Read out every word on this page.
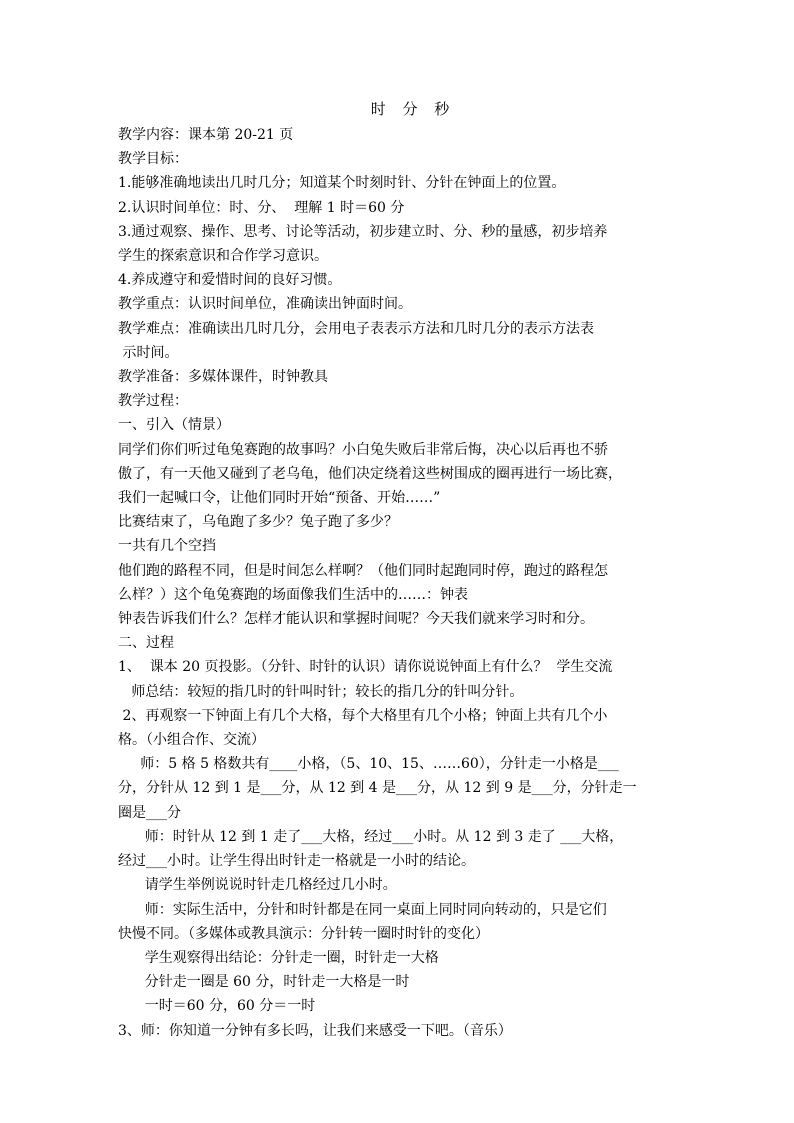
时 分 秒

教学内容：课本第 20-21 页

教学目标：

1.能够准确地读出几时几分；知道某个时刻时针、分针在钟面上的位置。

2.认识时间单位：时、分、  理解 1 时＝60 分

3.通过观察、操作、思考、讨论等活动，初步建立时、分、秒的量感，初步培养

学生的探索意识和合作学习意识。

4.养成遵守和爱惜时间的良好习惯。

教学重点：认识时间单位，准确读出钟面时间。

教学难点：准确读出几时几分，会用电子表表示方法和几时几分的表示方法表

示时间。

教学准备：多媒体课件，时钟教具

教学过程：

一、引入（情景）

同学们你们听过龟兔赛跑的故事吗？小白兔失败后非常后悔，决心以后再也不骄

傲了，有一天他又碰到了老乌龟，他们决定绕着这些树围成的圈再进行一场比赛，

我们一起喊口令，让他们同时开始“预备、开始……”

比赛结束了，乌龟跑了多少？兔子跑了多少？

一共有几个空挡

他们跑的路程不同，但是时间怎么样啊？（他们同时起跑同时停，跑过的路程怎

么样？）这个龟兔赛跑的场面像我们生活中的……：钟表

钟表告诉我们什么？怎样才能认识和掌握时间呢？今天我们就来学习时和分。

二、过程

1、  课本 20 页投影。（分针、时针的认识）请你说说钟面上有什么？  学生交流

师总结：较短的指几时的针叫时针；较长的指几分的针叫分针。

2、再观察一下钟面上有几个大格，每个大格里有几个小格；钟面上共有几个小

格。（小组合作、交流）

师：5 格 5 格数共有____小格，（5、10、15、……60），分针走一小格是___

分，分针从 12 到 1 是___分，从 12 到 4 是___分，从 12 到 9 是___分，分针走一

圈是___分

师：时针从 12 到 1 走了___大格，经过___小时。从 12 到 3 走了 ___大格，

经过___小时。让学生得出时针走一格就是一小时的结论。

请学生举例说说时针走几格经过几小时。

师：实际生活中，分针和时针都是在同一桌面上同时同向转动的，只是它们

快慢不同。（多媒体或教具演示：分针转一圈时时针的变化）

学生观察得出结论：分针走一圈，时针走一大格

分针走一圈是 60 分，时针走一大格是一时

一时＝60 分，60 分＝一时

3、师：你知道一分钟有多长吗，让我们来感受一下吧。（音乐）
